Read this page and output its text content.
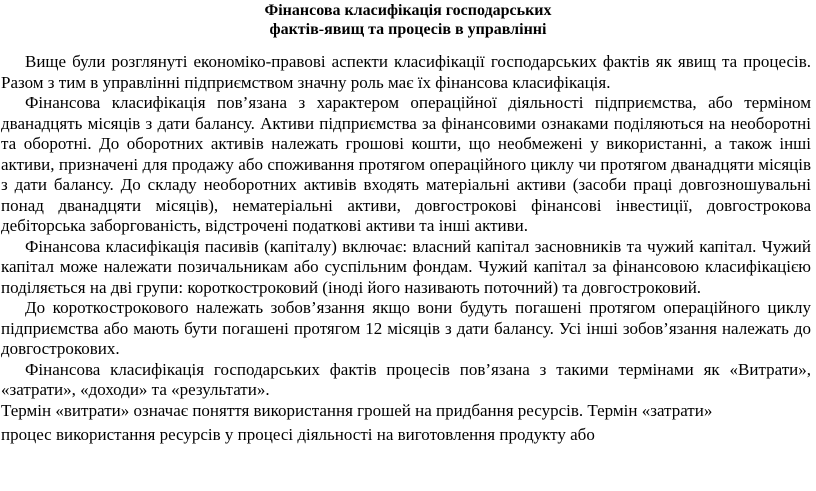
Фінансова класифікація господарських
фактів-явищ та процесів в управлінні

Вище були розглянуті економіко-правові аспекти класифікації господарських фактів як явищ та процесів. Разом з тим в управлінні підприємством значну роль має їх фінансова класифікація.

Фінансова класифікація пов’язана з характером операційної діяльності підприємства, або терміном дванадцять місяців з дати балансу. Активи підприємства за фінансовими ознаками поділяються на необоротні та оборотні. До оборотних активів належать грошові кошти, що необмежені у використанні, а також інші активи, призначені для продажу або споживання протягом операційного циклу чи протягом дванадцяти місяців з дати балансу. До складу необоротних активів входять матеріальні активи (засоби праці довгозношувальні понад дванадцяти місяців), нематеріальні активи, довгострокові фінансові інвестиції, довгострокова дебіторська заборгованість, відстрочені податкові активи та інші активи.

Фінансова класифікація пасивів (капіталу) включає: власний капітал засновників та чужий капітал. Чужий капітал може належати позичальникам або суспільним фондам. Чужий капітал за фінансовою класифікацією поділяється на дві групи: короткостроковий (іноді його називають поточний) та довгостроковий.

До короткострокового належать зобов’язання якщо вони будуть погашені протягом операційного циклу підприємства або мають бути погашені протягом 12 місяців з дати балансу. Усі інші зобов’язання належать до довгострокових.

Фінансова класифікація господарських фактів процесів пов’язана з такими термінами як «Витрати», «затрати», «доходи» та «результати».

Термін «витрати» означає поняття використання грошей на придбання ресурсів. Термін «затрати»

процес використання ресурсів у процесі діяльності на виготовлення продукту або
